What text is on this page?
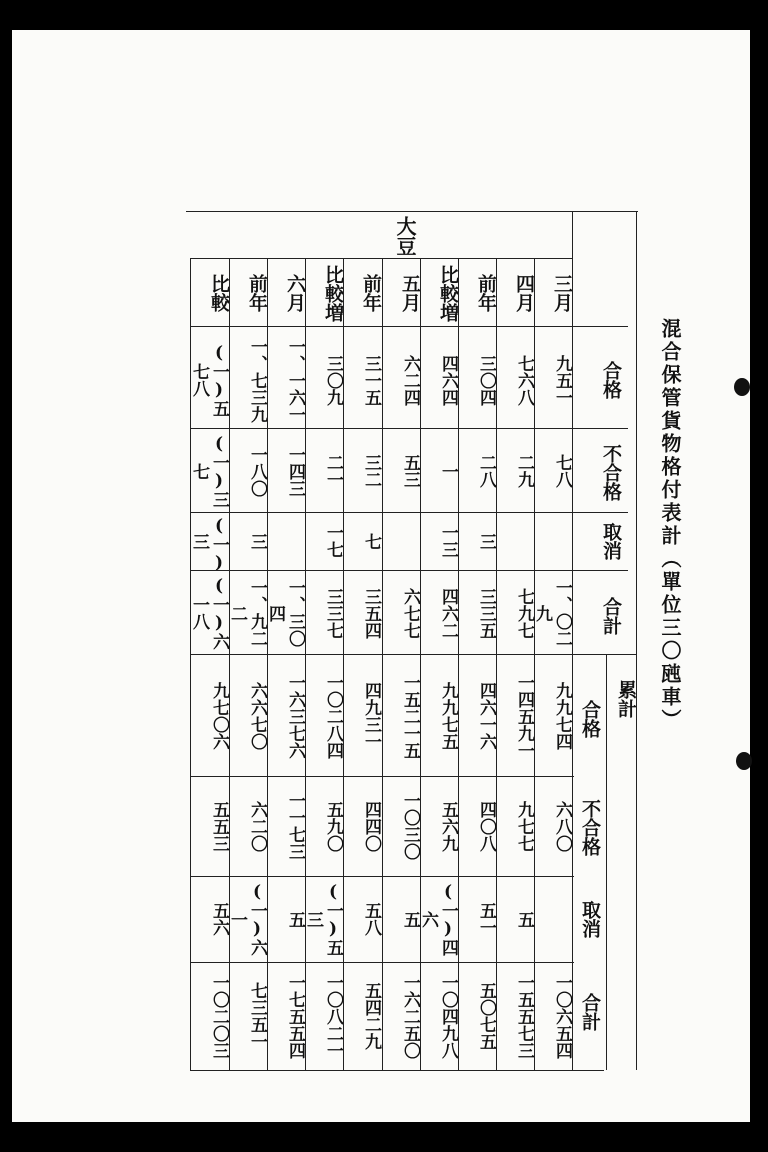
混合保管貨物格付表計（單位三〇瓲車）
大豆
三月
四月
前年
比較増
五月
前年
比較増
六月
前年
比較
合格
不合格
取消
合計
累計
合格
不合格
取消
合計
九五一
七六八
三〇四
四六四
六二四
三一五
三〇九
一、一六一
一、七三九
(一)五七八
七八
二九
二八
一
五三
三二
二一
一四三
一八〇
(一)三七
三
一三
七
一七
三
(一)三
一、〇二九
七九七
三三五
四六二
六七七
三五四
三三七
一、三〇四
一、九二二
(一)六一八
九九七四
一四五九一
四六一六
九九七五
一五二一五
四九三一
一〇二八四
一六三七六
六六七〇
九七〇六
六八〇
九七七
四〇八
五六九
一〇三〇
四四〇
五九〇
一一七三
六二〇
五五三
五
五一
(一)四六
五
五八
(一)五三
五
(一)六一
五六
一〇六五四
一五五七三
五〇七五
一〇四九八
一六二五〇
五四二九
一〇八二一
一七五五四
七三五一
一〇二〇三
